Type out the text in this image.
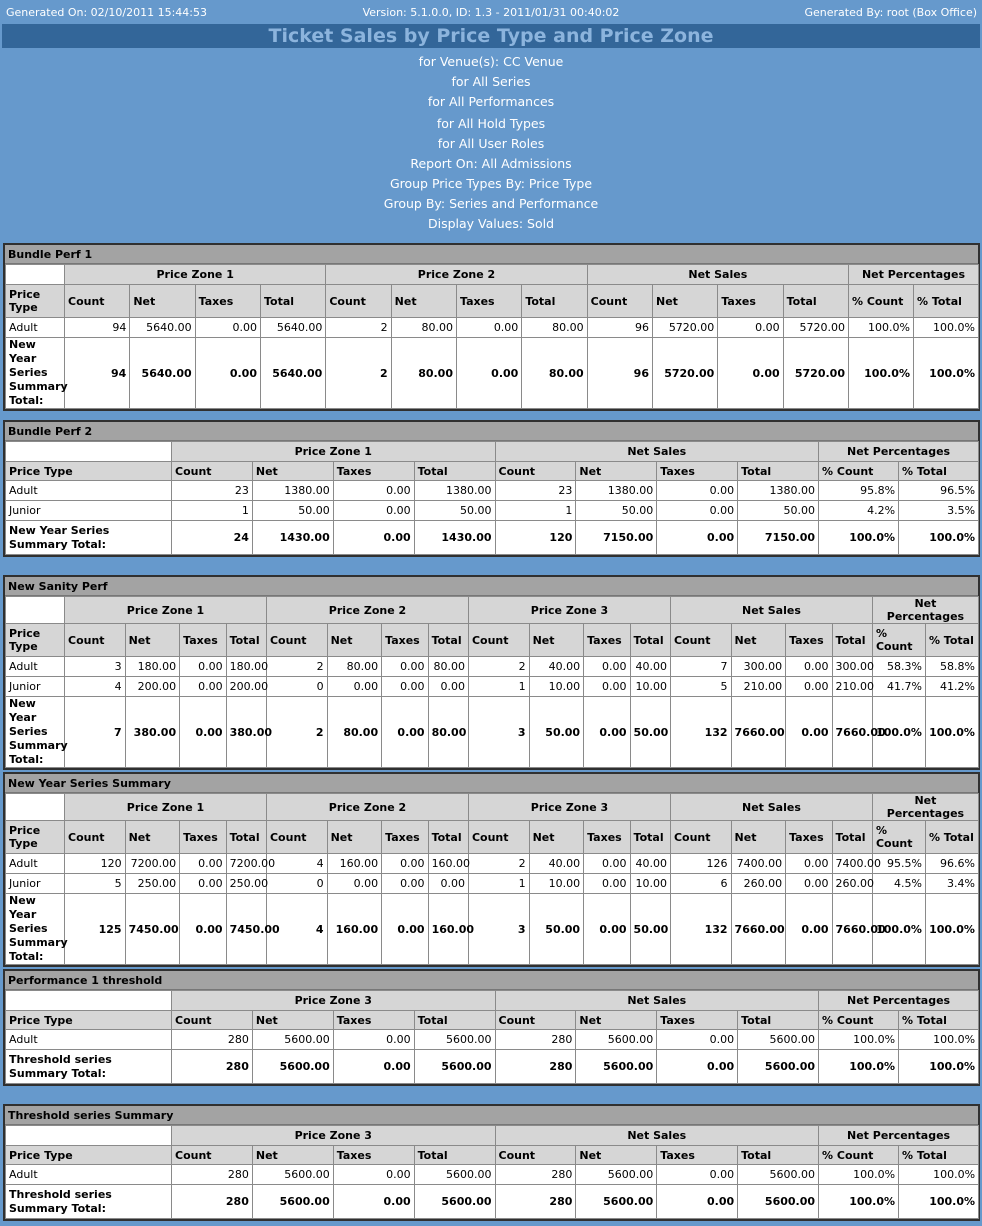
Generated On: 02/10/2011 15:44:53	Version: 5.1.0.0, ID: 1.3 - 2011/01/31 00:40:02	Generated By: root (Box Office)
Ticket Sales by Price Type and Price Zone
for Venue(s): CC Venue
for All Series
for All Performances
for All Hold Types
for All User Roles
Report On: All Admissions
Group Price Types By: Price Type
Group By: Series and Performance
Display Values: Sold
Bundle Perf 1
	Price Zone 1				Price Zone 2				Net Sales				Net Percentages	
Price Type	Count	Net	Taxes	Total	Count	Net	Taxes	Total	Count	Net	Taxes	Total	% Count	% Total
Adult	94	5640.00	0.00	5640.00	2	80.00	0.00	80.00	96	5720.00	0.00	5720.00	100.0%	100.0%
New Year Series Summary Total:	94	5640.00	0.00	5640.00	2	80.00	0.00	80.00	96	5720.00	0.00	5720.00	100.0%	100.0%
Bundle Perf 2
	Price Zone 1				Net Sales				Net Percentages	
Price Type	Count	Net	Taxes	Total	Count	Net	Taxes	Total	% Count	% Total
Adult	23	1380.00	0.00	1380.00	23	1380.00	0.00	1380.00	95.8%	96.5%
Junior	1	50.00	0.00	50.00	1	50.00	0.00	50.00	4.2%	3.5%
New Year Series Summary Total:	24	1430.00	0.00	1430.00	120	7150.00	0.00	7150.00	100.0%	100.0%
New Sanity Perf
	Price Zone 1				Price Zone 2				Price Zone 3				Net Sales				Net Percentages	
Price Type	Count	Net	Taxes	Total	Count	Net	Taxes	Total	Count	Net	Taxes	Total	Count	Net	Taxes	Total	% Count	% Total
Adult	3	180.00	0.00	180.00	2	80.00	0.00	80.00	2	40.00	0.00	40.00	7	300.00	0.00	300.00	58.3%	58.8%
Junior	4	200.00	0.00	200.00	0	0.00	0.00	0.00	1	10.00	0.00	10.00	5	210.00	0.00	210.00	41.7%	41.2%
New Year Series Summary Total:	7	380.00	0.00	380.00	2	80.00	0.00	80.00	3	50.00	0.00	50.00	132	7660.00	0.00	7660.00	100.0%	100.0%
New Year Series Summary
	Price Zone 1				Price Zone 2				Price Zone 3				Net Sales				Net Percentages	
Price Type	Count	Net	Taxes	Total	Count	Net	Taxes	Total	Count	Net	Taxes	Total	Count	Net	Taxes	Total	% Count	% Total
Adult	120	7200.00	0.00	7200.00	4	160.00	0.00	160.00	2	40.00	0.00	40.00	126	7400.00	0.00	7400.00	95.5%	96.6%
Junior	5	250.00	0.00	250.00	0	0.00	0.00	0.00	1	10.00	0.00	10.00	6	260.00	0.00	260.00	4.5%	3.4%
New Year Series Summary Total:	125	7450.00	0.00	7450.00	4	160.00	0.00	160.00	3	50.00	0.00	50.00	132	7660.00	0.00	7660.00	100.0%	100.0%
Performance 1 threshold
	Price Zone 3				Net Sales				Net Percentages	
Price Type	Count	Net	Taxes	Total	Count	Net	Taxes	Total	% Count	% Total
Adult	280	5600.00	0.00	5600.00	280	5600.00	0.00	5600.00	100.0%	100.0%
Threshold series Summary Total:	280	5600.00	0.00	5600.00	280	5600.00	0.00	5600.00	100.0%	100.0%
Threshold series Summary
	Price Zone 3				Net Sales				Net Percentages	
Price Type	Count	Net	Taxes	Total	Count	Net	Taxes	Total	% Count	% Total
Adult	280	5600.00	0.00	5600.00	280	5600.00	0.00	5600.00	100.0%	100.0%
Threshold series Summary Total:	280	5600.00	0.00	5600.00	280	5600.00	0.00	5600.00	100.0%	100.0%
